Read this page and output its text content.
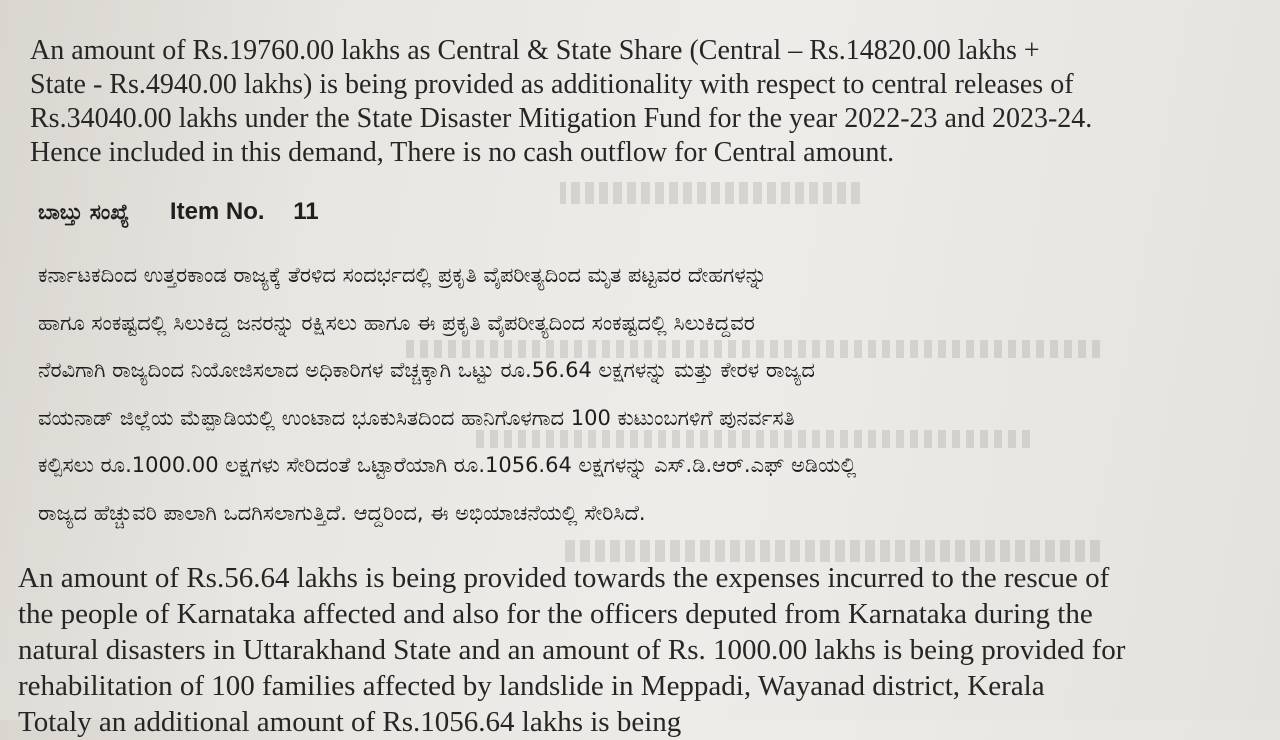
An amount of Rs.19760.00 lakhs as Central & State Share (Central – Rs.14820.00 lakhs +
State - Rs.4940.00 lakhs) is being provided as additionality with respect to central releases of
Rs.34040.00 lakhs under the State Disaster Mitigation Fund for the year 2022-23 and 2023-24.
Hence included in this demand, There is no cash outflow for Central amount.
ಬಾಬ್ತು ಸಂಖ್ಯೆ Item No. 11
ಕರ್ನಾಟಕದಿಂದ ಉತ್ತರಕಾಂಡ ರಾಜ್ಯಕ್ಕೆ ತೆರಳಿದ ಸಂದರ್ಭದಲ್ಲಿ ಪ್ರಕೃತಿ ವೈಪರೀತ್ಯದಿಂದ ಮೃತ ಪಟ್ಟವರ ದೇಹಗಳನ್ನು
ಹಾಗೂ ಸಂಕಷ್ಟದಲ್ಲಿ ಸಿಲುಕಿದ್ದ ಜನರನ್ನು ರಕ್ಷಿಸಲು ಹಾಗೂ ಈ ಪ್ರಕೃತಿ ವೈಪರೀತ್ಯದಿಂದ ಸಂಕಷ್ಟದಲ್ಲಿ ಸಿಲುಕಿದ್ದವರ
ನೆರವಿಗಾಗಿ ರಾಜ್ಯದಿಂದ ನಿಯೋಜಿಸಲಾದ ಅಧಿಕಾರಿಗಳ ವೆಚ್ಚಕ್ಕಾಗಿ ಒಟ್ಟು ರೂ.56.64 ಲಕ್ಷಗಳನ್ನು ಮತ್ತು ಕೇರಳ ರಾಜ್ಯದ
ವಯನಾಡ್ ಜಿಲ್ಲೆಯ ಮೆಪ್ಪಾಡಿಯಲ್ಲಿ ಉಂಟಾದ ಭೂಕುಸಿತದಿಂದ ಹಾನಿಗೊಳಗಾದ 100 ಕುಟುಂಬಗಳಿಗೆ ಪುನರ್ವಸತಿ
ಕಲ್ಪಿಸಲು ರೂ.1000.00 ಲಕ್ಷಗಳು ಸೇರಿದಂತೆ ಒಟ್ಟಾರೆಯಾಗಿ ರೂ.1056.64 ಲಕ್ಷಗಳನ್ನು ಎಸ್.ಡಿ.ಆರ್.ಎಫ್ ಅಡಿಯಲ್ಲಿ
ರಾಜ್ಯದ ಹೆಚ್ಚುವರಿ ಪಾಲಾಗಿ ಒದಗಿಸಲಾಗುತ್ತಿದೆ. ಆದ್ದರಿಂದ, ಈ ಅಭಿಯಾಚನೆಯಲ್ಲಿ ಸೇರಿಸಿದೆ.
An amount of Rs.56.64 lakhs is being provided towards the expenses incurred to the rescue of
the people of Karnataka affected and also for the officers deputed from Karnataka during the
natural disasters in Uttarakhand State and an amount of Rs. 1000.00 lakhs is being provided for
rehabilitation of 100 families affected by landslide in Meppadi, Wayanad district, Kerala
Totaly an additional amount of Rs.1056.64 lakhs is being
